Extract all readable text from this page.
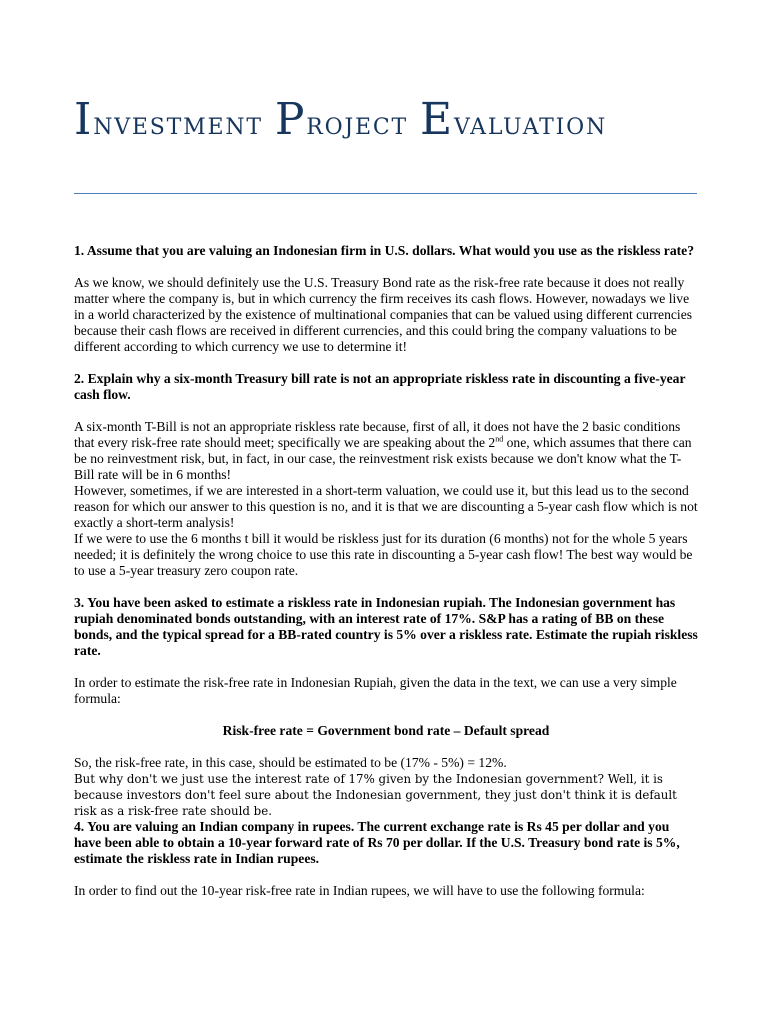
Investment Project Evaluation

1. Assume that you are valuing an Indonesian firm in U.S. dollars. What would you use as the riskless rate?

As we know, we should definitely use the U.S. Treasury Bond rate as the risk-free rate because it does not really matter where the company is, but in which currency the firm receives its cash flows. However, nowadays we live in a world characterized by the existence of multinational companies that can be valued using different currencies because their cash flows are received in different currencies, and this could bring the company valuations to be different according to which currency we use to determine it!

2. Explain why a six-month Treasury bill rate is not an appropriate riskless rate in discounting a five-year cash flow.

A six-month T-Bill is not an appropriate riskless rate because, first of all, it does not have the 2 basic conditions that every risk-free rate should meet; specifically we are speaking about the 2nd one, which assumes that there can be no reinvestment risk, but, in fact, in our case, the reinvestment risk exists because we don't know what the T-Bill rate will be in 6 months!

However, sometimes, if we are interested in a short-term valuation, we could use it, but this lead us to the second reason for which our answer to this question is no, and it is that we are discounting a 5-year cash flow which is not exactly a short-term analysis!

If we were to use the 6 months t bill it would be riskless just for its duration (6 months) not for the whole 5 years needed; it is definitely the wrong choice to use this rate in discounting a 5-year cash flow! The best way would be to use a 5-year treasury zero coupon rate.

3. You have been asked to estimate a riskless rate in Indonesian rupiah. The Indonesian government has rupiah denominated bonds outstanding, with an interest rate of 17%. S&P has a rating of BB on these bonds, and the typical spread for a BB-rated country is 5% over a riskless rate. Estimate the rupiah riskless rate.

In order to estimate the risk-free rate in Indonesian Rupiah, given the data in the text, we can use a very simple formula:

Risk-free rate = Government bond rate – Default spread

So, the risk-free rate, in this case, should be estimated to be (17% - 5%) = 12%.

But why don't we just use the interest rate of 17% given by the Indonesian government? Well, it is because investors don't feel sure about the Indonesian government, they just don't think it is default risk as a risk-free rate should be.

4. You are valuing an Indian company in rupees. The current exchange rate is Rs 45 per dollar and you have been able to obtain a 10-year forward rate of Rs 70 per dollar. If the U.S. Treasury bond rate is 5%, estimate the riskless rate in Indian rupees.

In order to find out the 10-year risk-free rate in Indian rupees, we will have to use the following formula:
